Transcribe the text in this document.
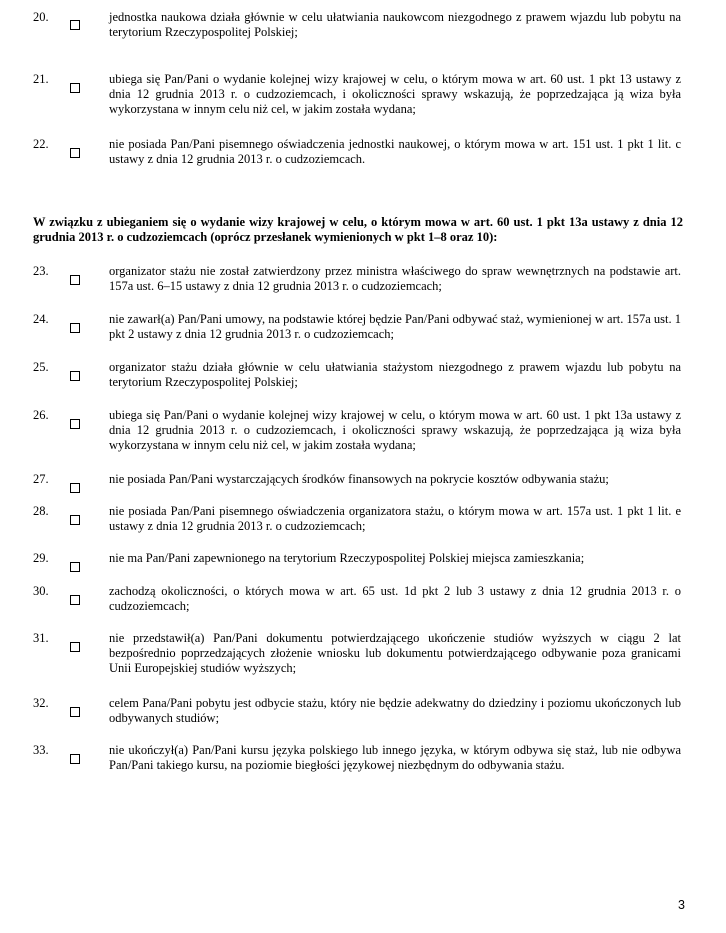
20.	jednostka naukowa działa głównie w celu ułatwiania naukowcom niezgodnego z prawem wjazdu lub pobytu na terytorium Rzeczypospolitej Polskiej;
21.	ubiega się Pan/Pani o wydanie kolejnej wizy krajowej w celu, o którym mowa w art. 60 ust. 1 pkt 13 ustawy z dnia 12 grudnia 2013 r. o cudzoziemcach, i okoliczności sprawy wskazują, że poprzedzająca ją wiza była wykorzystana w innym celu niż cel, w jakim została wydana;
22.	nie posiada Pan/Pani pisemnego oświadczenia jednostki naukowej, o którym mowa w art. 151 ust. 1 pkt 1 lit. c ustawy z dnia 12 grudnia 2013 r. o cudzoziemcach.
W związku z ubieganiem się o wydanie wizy krajowej w celu, o którym mowa w art. 60 ust. 1 pkt 13a ustawy z dnia 12 grudnia 2013 r. o cudzoziemcach (oprócz przesłanek wymienionych w pkt 1–8 oraz 10):
23.	organizator stażu nie został zatwierdzony przez ministra właściwego do spraw wewnętrznych na podstawie art. 157a ust. 6–15 ustawy z dnia 12 grudnia 2013 r. o cudzoziemcach;
24.	nie zawarł(a) Pan/Pani umowy, na podstawie której będzie Pan/Pani odbywać staż, wymienionej w art. 157a ust. 1 pkt 2 ustawy z dnia 12 grudnia 2013 r. o cudzoziemcach;
25.	organizator stażu działa głównie w celu ułatwiania stażystom niezgodnego z prawem wjazdu lub pobytu na terytorium Rzeczypospolitej Polskiej;
26.	ubiega się Pan/Pani o wydanie kolejnej wizy krajowej w celu, o którym mowa w art. 60 ust. 1 pkt 13a ustawy z dnia 12 grudnia 2013 r. o cudzoziemcach, i okoliczności sprawy wskazują, że poprzedzająca ją wiza była wykorzystana w innym celu niż cel, w jakim została wydana;
27.	nie posiada Pan/Pani wystarczających środków finansowych na pokrycie kosztów odbywania stażu;
28.	nie posiada Pan/Pani pisemnego oświadczenia organizatora stażu, o którym mowa w art. 157a ust. 1 pkt 1 lit. e ustawy z dnia 12 grudnia 2013 r. o cudzoziemcach;
29.	nie ma Pan/Pani zapewnionego na terytorium Rzeczypospolitej Polskiej miejsca zamieszkania;
30.	zachodzą okoliczności, o których mowa w art. 65 ust. 1d pkt 2 lub 3 ustawy z dnia 12 grudnia 2013 r. o cudzoziemcach;
31.	nie przedstawił(a) Pan/Pani dokumentu potwierdzającego ukończenie studiów wyższych w ciągu 2 lat bezpośrednio poprzedzających złożenie wniosku lub dokumentu potwierdzającego odbywanie poza granicami Unii Europejskiej studiów wyższych;
32.	celem Pana/Pani pobytu jest odbycie stażu, który nie będzie adekwatny do dziedziny i poziomu ukończonych lub odbywanych studiów;
33.	nie ukończył(a) Pan/Pani kursu języka polskiego lub innego języka, w którym odbywa się staż, lub nie odbywa Pan/Pani takiego kursu, na poziomie biegłości językowej niezbędnym do odbywania stażu.
3
